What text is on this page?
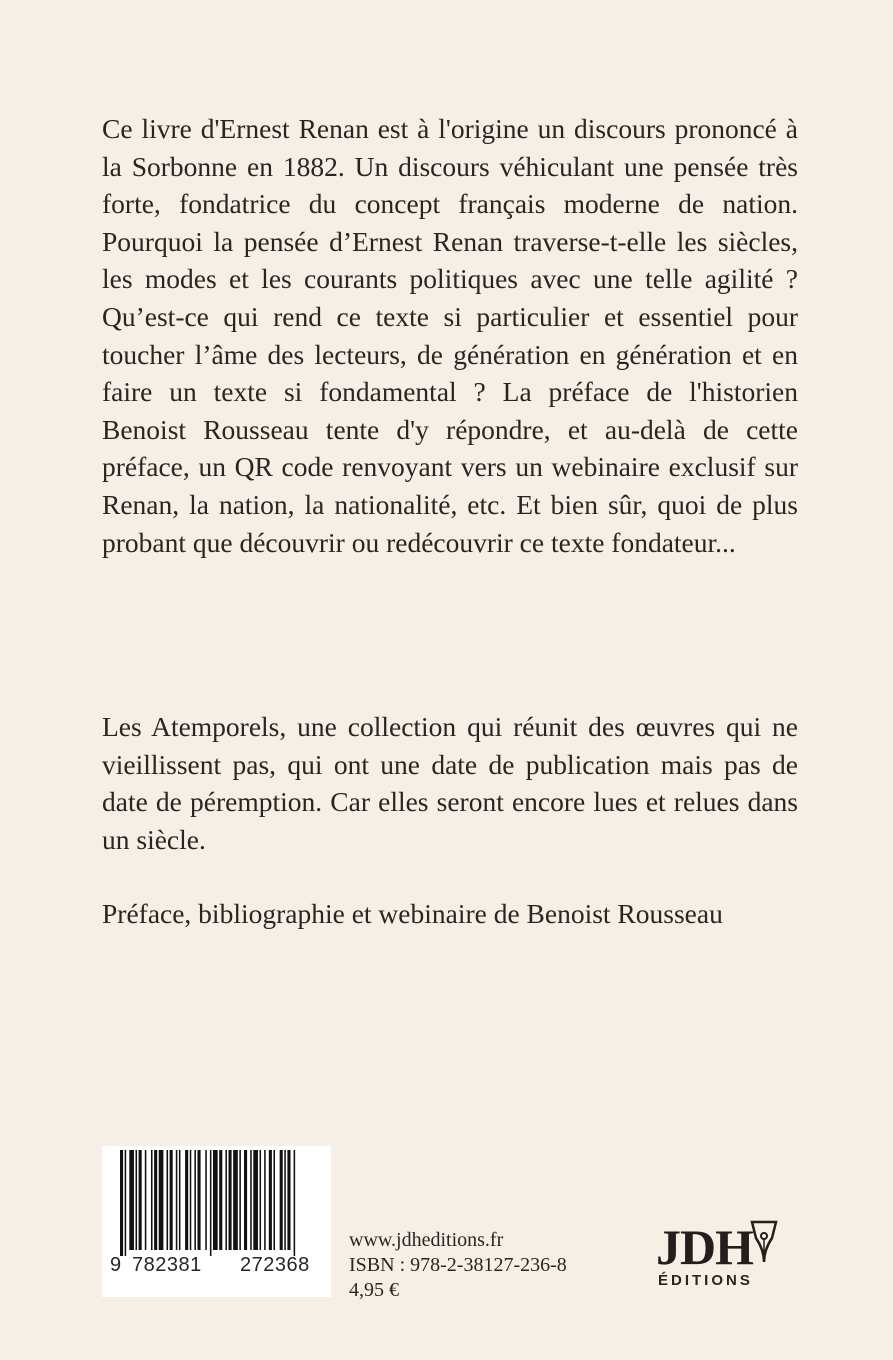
Ce livre d'Ernest Renan est à l'origine un discours prononcé à la Sorbonne en 1882. Un discours véhiculant une pensée très forte, fondatrice du concept français moderne de nation. Pourquoi la pensée d’Ernest Renan traverse-t-elle les siècles, les modes et les courants politiques avec une telle agilité ? Qu’est-ce qui rend ce texte si particulier et essentiel pour toucher l’âme des lecteurs, de génération en génération et en faire un texte si fondamental ? La préface de l'historien Benoist Rousseau tente d'y répondre, et au-delà de cette préface, un QR code renvoyant vers un webinaire exclusif sur Renan, la nation, la nationalité, etc. Et bien sûr, quoi de plus probant que découvrir ou redécouvrir ce texte fondateur...

Les Atemporels, une collection qui réunit des œuvres qui ne vieillissent pas, qui ont une date de publication mais pas de date de péremption. Car elles seront encore lues et relues dans un siècle.

Préface, bibliographie et webinaire de Benoist Rousseau

9 782381 272368
www.jdheditions.fr
ISBN : 978-2-38127-236-8
4,95 €
JDH
ÉDITIONS
